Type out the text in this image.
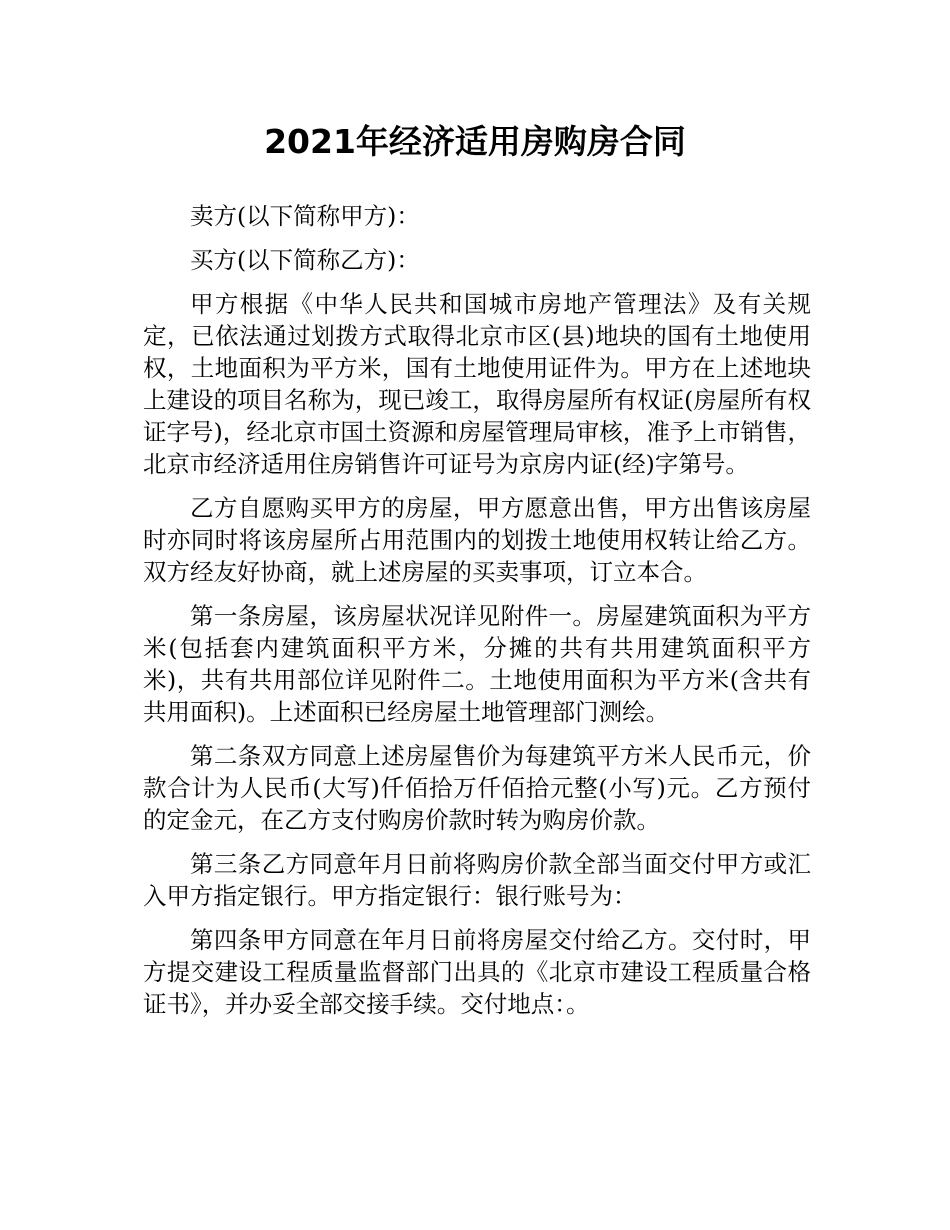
2021年经济适用房购房合同

卖方(以下简称甲方)：

买方(以下简称乙方)：

甲方根据《中华人民共和国城市房地产管理法》及有关规定，已依法通过划拨方式取得北京市区(县)地块的国有土地使用权，土地面积为平方米，国有土地使用证件为。甲方在上述地块上建设的项目名称为，现已竣工，取得房屋所有权证(房屋所有权证字号)，经北京市国土资源和房屋管理局审核，准予上市销售，北京市经济适用住房销售许可证号为京房内证(经)字第号。

乙方自愿购买甲方的房屋，甲方愿意出售，甲方出售该房屋时亦同时将该房屋所占用范围内的划拨土地使用权转让给乙方。双方经友好协商，就上述房屋的买卖事项，订立本合。

第一条房屋，该房屋状况详见附件一。房屋建筑面积为平方米(包括套内建筑面积平方米，分摊的共有共用建筑面积平方米)，共有共用部位详见附件二。土地使用面积为平方米(含共有共用面积)。上述面积已经房屋土地管理部门测绘。

第二条双方同意上述房屋售价为每建筑平方米人民币元，价款合计为人民币(大写)仟佰拾万仟佰拾元整(小写)元。乙方预付的定金元，在乙方支付购房价款时转为购房价款。

第三条乙方同意年月日前将购房价款全部当面交付甲方或汇入甲方指定银行。甲方指定银行：银行账号为：

第四条甲方同意在年月日前将房屋交付给乙方。交付时，甲方提交建设工程质量监督部门出具的《北京市建设工程质量合格证书》，并办妥全部交接手续。交付地点：。
